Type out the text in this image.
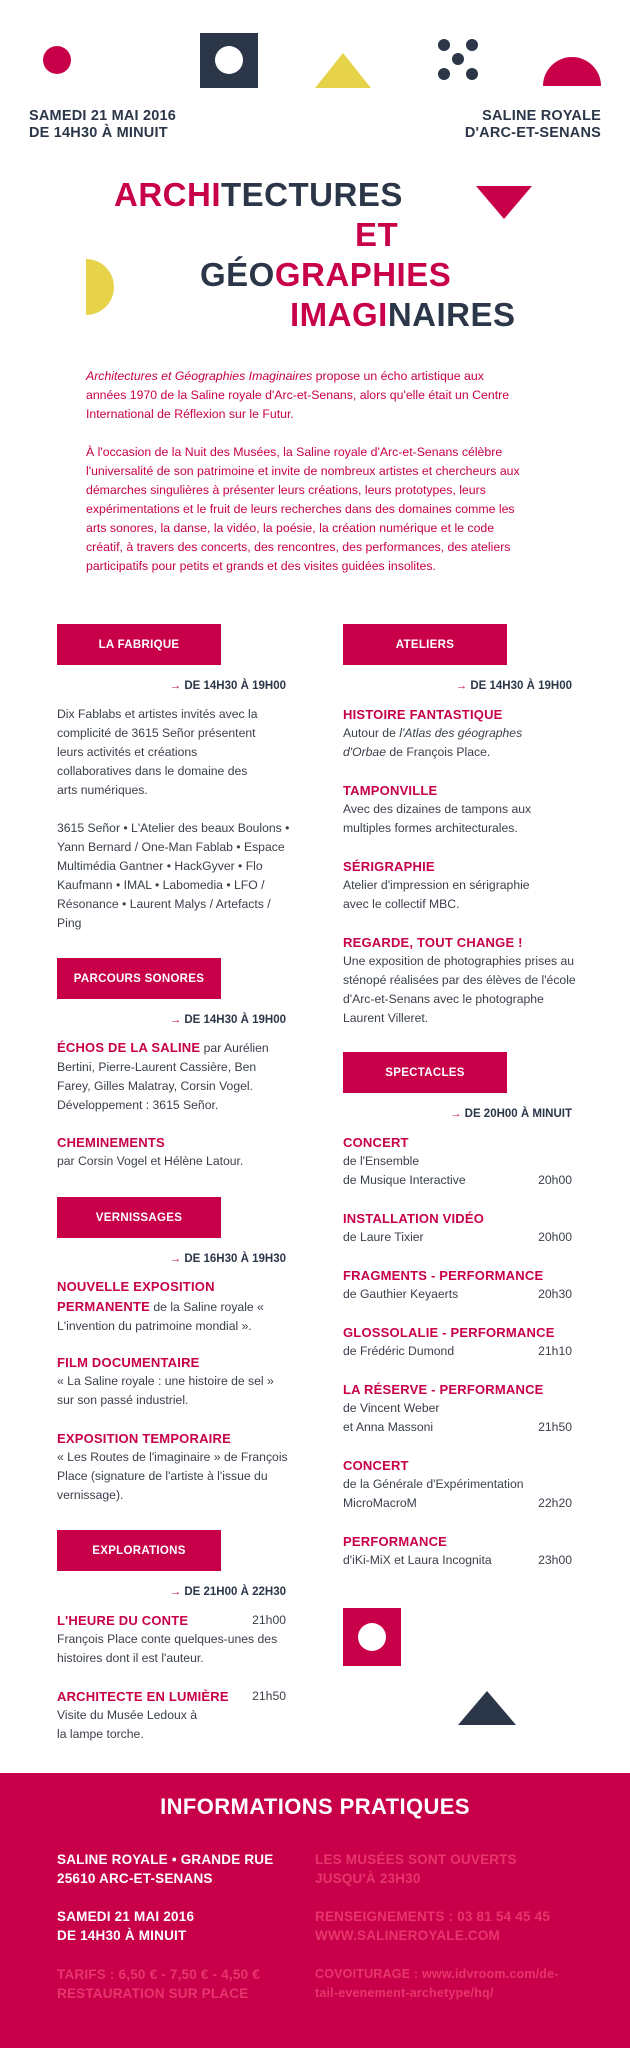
SAMEDI 21 MAI 2016
DE 14H30 À MINUIT
SALINE ROYALE
D'ARC-ET-SENANS
ARCHITECTURES
ET
GÉOGRAPHIES
IMAGINAIRES

Architectures et Géographies Imaginaires propose un écho artistique aux années 1970 de la Saline royale d'Arc-et-Senans, alors qu'elle était un Centre International de Réflexion sur le Futur.

À l'occasion de la Nuit des Musées, la Saline royale d'Arc-et-Senans célèbre l'universalité de son patrimoine et invite de nombreux artistes et chercheurs aux démarches singulières à présenter leurs créations, leurs prototypes, leurs expérimentations et le fruit de leurs recherches dans des domaines comme les arts sonores, la danse, la vidéo, la poésie, la création numérique et le code créatif, à travers des concerts, des rencontres, des performances, des ateliers participatifs pour petits et grands et des visites guidées insolites.

LA FABRIQUE
→ DE 14H30 À 19H00
Dix Fablabs et artistes invités avec la complicité de 3615 Señor présentent leurs activités et créations collaboratives dans le domaine des arts numériques.
3615 Señor • L'Atelier des beaux Boulons • Yann Bernard / One-Man Fablab • Espace Multimédia Gantner • HackGyver • Flo Kaufmann • IMAL • Labomedia • LFO / Résonance • Laurent Malys / Artefacts / Ping
PARCOURS SONORES
→ DE 14H30 À 19H00
ÉCHOS DE LA SALINE par Aurélien Bertini, Pierre-Laurent Cassière, Ben Farey, Gilles Malatray, Corsin Vogel. Développement : 3615 Señor.
CHEMINEMENTS
par Corsin Vogel et Hélène Latour.
VERNISSAGES
→ DE 16H30 À 19H30
NOUVELLE EXPOSITION PERMANENTE de la Saline royale « L'invention du patrimoine mondial ».
FILM DOCUMENTAIRE
« La Saline royale : une histoire de sel » sur son passé industriel.
EXPOSITION TEMPORAIRE
« Les Routes de l'imaginaire » de François Place (signature de l'artiste à l'issue du vernissage).
EXPLORATIONS
→ DE 21H00 À 22H30
L'HEURE DU CONTE	21h00
François Place conte quelques-unes des histoires dont il est l'auteur.
ARCHITECTE EN LUMIÈRE 21h50
Visite du Musée Ledoux à la lampe torche.
ATELIERS
→ DE 14H30 À 19H00
HISTOIRE FANTASTIQUE
Autour de l'Atlas des géographes d'Orbae de François Place.
TAMPONVILLE
Avec des dizaines de tampons aux multiples formes architecturales.
SÉRIGRAPHIE
Atelier d'impression en sérigraphie avec le collectif MBC.
REGARDE, TOUT CHANGE !
Une exposition de photographies prises au sténopé réalisées par des élèves de l'école d'Arc-et-Senans avec le photographe Laurent Villeret.
SPECTACLES
→ DE 20H00 À MINUIT
CONCERT
de l'Ensemble
de Musique Interactive	20h00
INSTALLATION VIDÉO
de Laure Tixier	20h00
FRAGMENTS - PERFORMANCE
de Gauthier Keyaerts	20h30
GLOSSOLALIE - PERFORMANCE
de Frédéric Dumond	21h10
LA RÉSERVE - PERFORMANCE
de Vincent Weber
et Anna Massoni	21h50
CONCERT
de la Générale d'Expérimentation
MicroMacroM	22h20
PERFORMANCE
d'iKi-MiX et Laura Incognita	23h00
INFORMATIONS PRATIQUES
SALINE ROYALE • GRANDE RUE
25610 ARC-ET-SENANS
SAMEDI 21 MAI 2016
DE 14H30 À MINUIT
TARIFS : 6,50 € - 7,50 € - 4,50 €
RESTAURATION SUR PLACE
LES MUSÉES SONT OUVERTS
JUSQU'À 23H30
RENSEIGNEMENTS : 03 81 54 45 45
WWW.SALINEROYALE.COM
COVOITURAGE : www.idvroom.com/de-
tail-evenement-archetype/hq/
